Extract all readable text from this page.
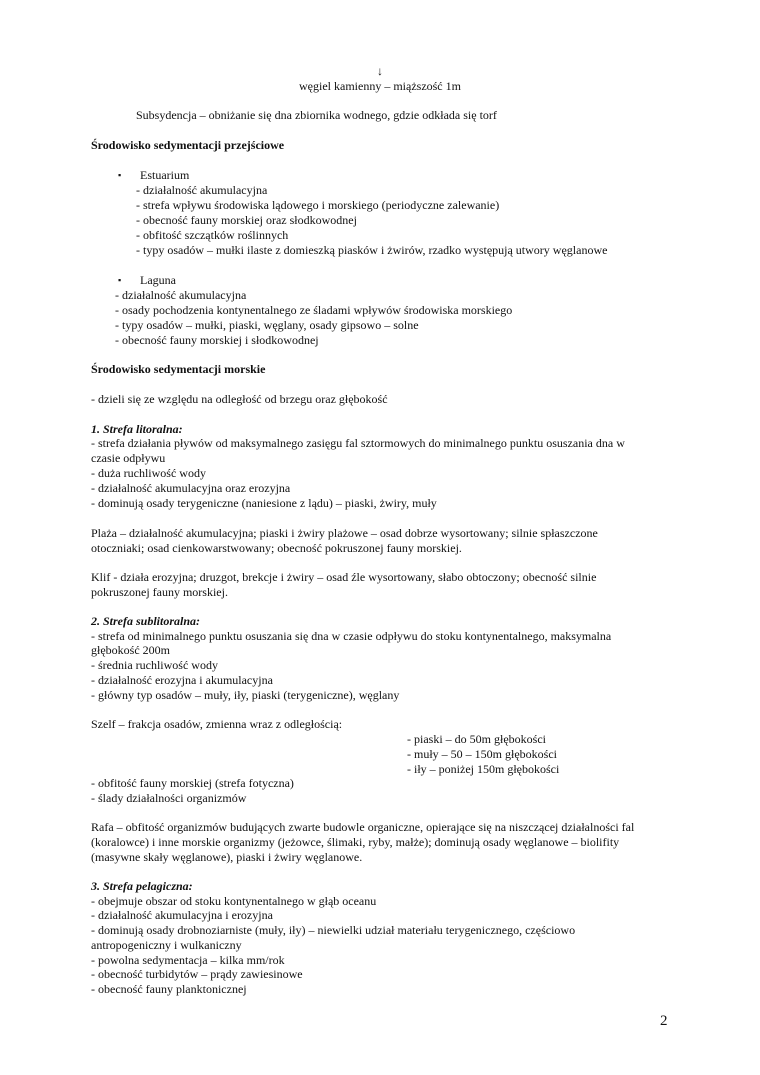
↓
węgiel kamienny – miąższość 1m
Subsydencja – obniżanie się dna zbiornika wodnego, gdzie odkłada się torf
Środowisko sedymentacji przejściowe
▪ Estuarium
- działalność akumulacyjna
- strefa wpływu środowiska lądowego i morskiego (periodyczne zalewanie)
- obecność fauny morskiej oraz słodkowodnej
- obfitość szczątków roślinnych
- typy osadów – mułki ilaste z domieszką piasków i żwirów, rzadko występują utwory węglanowe
▪ Laguna
- działalność akumulacyjna
- osady pochodzenia kontynentalnego ze śladami wpływów środowiska morskiego
- typy osadów – mułki, piaski, węglany, osady gipsowo – solne
- obecność fauny morskiej i słodkowodnej
Środowisko sedymentacji morskie
- dzieli się ze względu na odległość od brzegu oraz głębokość
1. Strefa litoralna:
- strefa działania pływów od maksymalnego zasięgu fal sztormowych do minimalnego punktu osuszania dna w
czasie odpływu
- duża ruchliwość wody
- działalność akumulacyjna oraz erozyjna
- dominują osady terygeniczne (naniesione z lądu) – piaski, żwiry, muły
Plaża – działalność akumulacyjna; piaski i żwiry plażowe – osad dobrze wysortowany; silnie spłaszczone
otoczniaki; osad cienkowarstwowany; obecność pokruszonej fauny morskiej.
Klif - działa erozyjna; druzgot, brekcje i żwiry – osad źle wysortowany, słabo obtoczony; obecność silnie
pokruszonej fauny morskiej.
2. Strefa sublitoralna:
- strefa od minimalnego punktu osuszania się dna w czasie odpływu do stoku kontynentalnego, maksymalna
głębokość 200m
- średnia ruchliwość wody
- działalność erozyjna i akumulacyjna
- główny typ osadów – muły, iły, piaski (terygeniczne), węglany
Szelf – frakcja osadów, zmienna wraz z odległością:
- piaski – do 50m głębokości
- muły – 50 – 150m głębokości
- iły – poniżej 150m głębokości
- obfitość fauny morskiej (strefa fotyczna)
- ślady działalności organizmów
Rafa – obfitość organizmów budujących zwarte budowle organiczne, opierające się na niszczącej działalności fal
(koralowce) i inne morskie organizmy (jeżowce, ślimaki, ryby, małże); dominują osady węglanowe – biolifity
(masywne skały węglanowe), piaski i żwiry węglanowe.
3. Strefa pelagiczna:
- obejmuje obszar od stoku kontynentalnego w głąb oceanu
- działalność akumulacyjna i erozyjna
- dominują osady drobnoziarniste (muły, iły) – niewielki udział materiału terygenicznego, częściowo
antropogeniczny i wulkaniczny
- powolna sedymentacja – kilka mm/rok
- obecność turbidytów – prądy zawiesinowe
- obecność fauny planktonicznej
2
